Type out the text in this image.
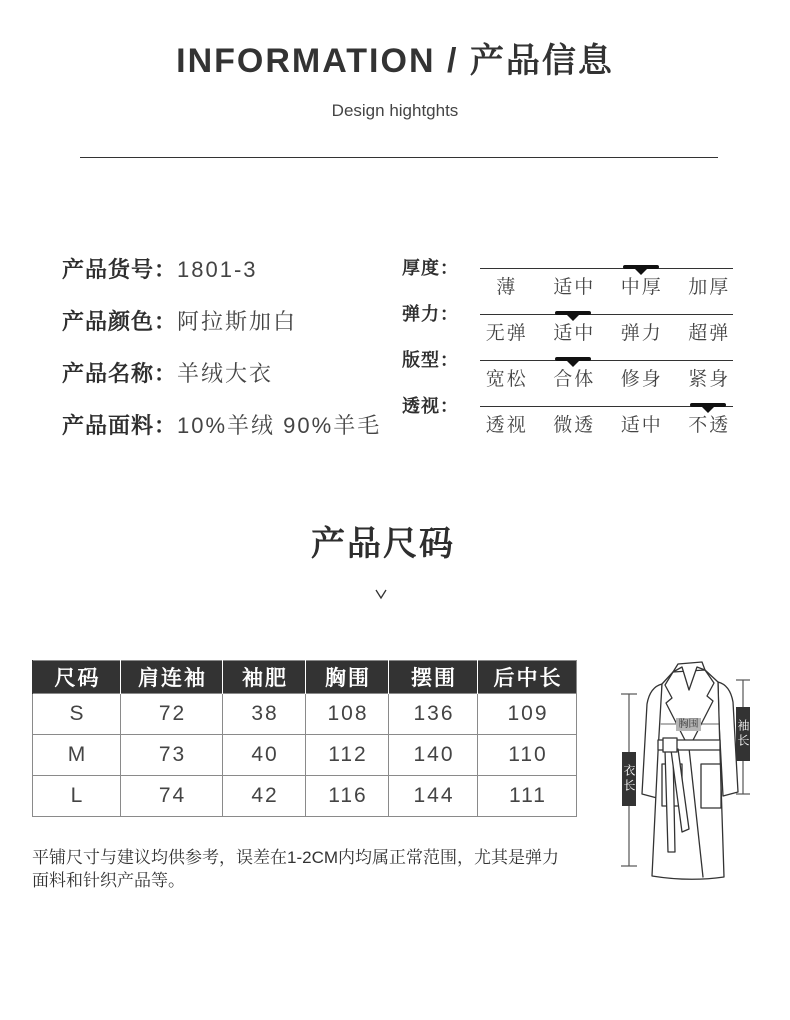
INFORMATION / 产品信息
Design hightghts
产品货号：1801-3
产品颜色：阿拉斯加白
产品名称：羊绒大衣
产品面料：10%羊绒 90%羊毛
厚度：
薄	适中	中厚	加厚
弹力：
无弹	适中	弹力	超弹
版型：
宽松	合体	修身	紧身
透视：
透视	微透	适中	不透
产品尺码
尺码	肩连袖	袖肥	胸围	摆围	后中长
S	72	38	108	136	109
M	73	40	112	140	110
L	74	42	116	144	111
平铺尺寸与建议均供参考，误差在1-2CM内均属正常范围，尤其是弹力
面料和针织产品等。
胸围
衣长
袖长
